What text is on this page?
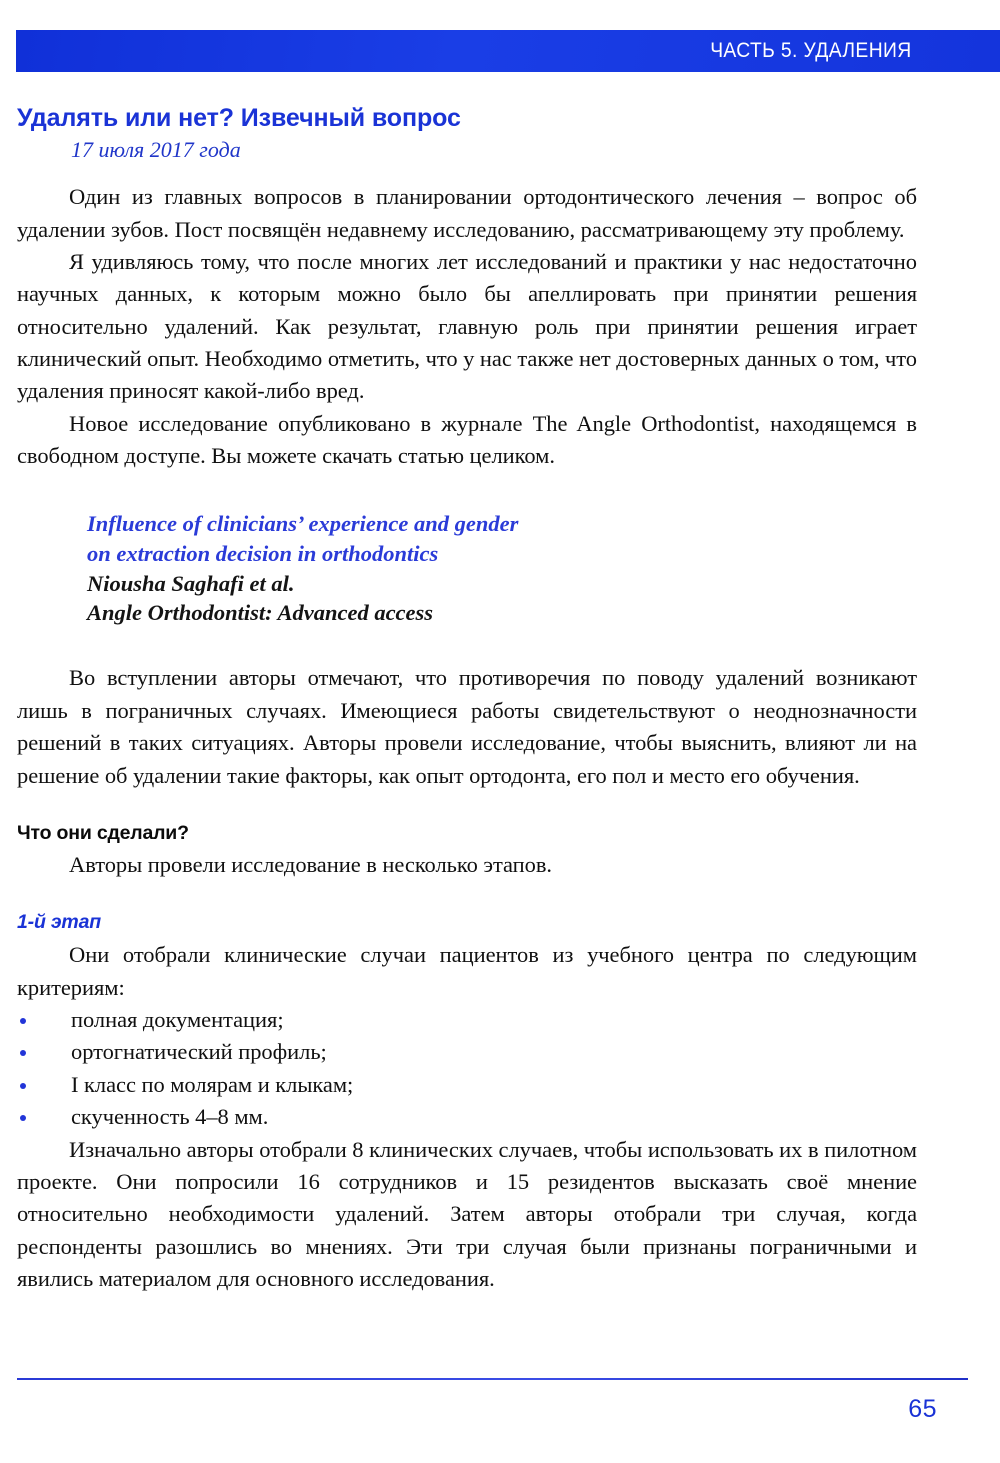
ЧАСТЬ 5. УДАЛЕНИЯ
Удалять или нет? Извечный вопрос
17 июля 2017 года

Один из главных вопросов в планировании ортодонтического лечения – вопрос об удалении зубов. Пост посвящён недавнему исследованию, рассматривающему эту проблему.

Я удивляюсь тому, что после многих лет исследований и практики у нас недостаточно научных данных, к которым можно было бы апеллировать при принятии решения относительно удалений. Как результат, главную роль при принятии решения играет клинический опыт. Необходимо отметить, что у нас также нет достоверных данных о том, что удаления приносят какой-либо вред.

Новое исследование опубликовано в журнале The Angle Orthodontist, находящемся в свободном доступе. Вы можете скачать статью целиком.

Influence of clinicians’ experience and gender
on extraction decision in orthodontics
Niousha Saghafi et al.
Angle Orthodontist: Advanced access

Во вступлении авторы отмечают, что противоречия по поводу удалений возникают лишь в пограничных случаях. Имеющиеся работы свидетельствуют о неоднозначности решений в таких ситуациях. Авторы провели исследование, чтобы выяснить, влияют ли на решение об удалении такие факторы, как опыт ортодонта, его пол и место его обучения.

Что они сделали?

Авторы провели исследование в несколько этапов.

1-й этап

Они отобрали клинические случаи пациентов из учебного центра по следующим критериям:

полная документация;
ортогнатический профиль;
I класс по молярам и клыкам;
скученность 4–8 мм.

Изначально авторы отобрали 8 клинических случаев, чтобы использовать их в пилотном проекте. Они попросили 16 сотрудников и 15 резидентов высказать своё мнение относительно необходимости удалений. Затем авторы отобрали три случая, когда респонденты разошлись во мнениях. Эти три случая были признаны пограничными и явились материалом для основного исследования.

65
